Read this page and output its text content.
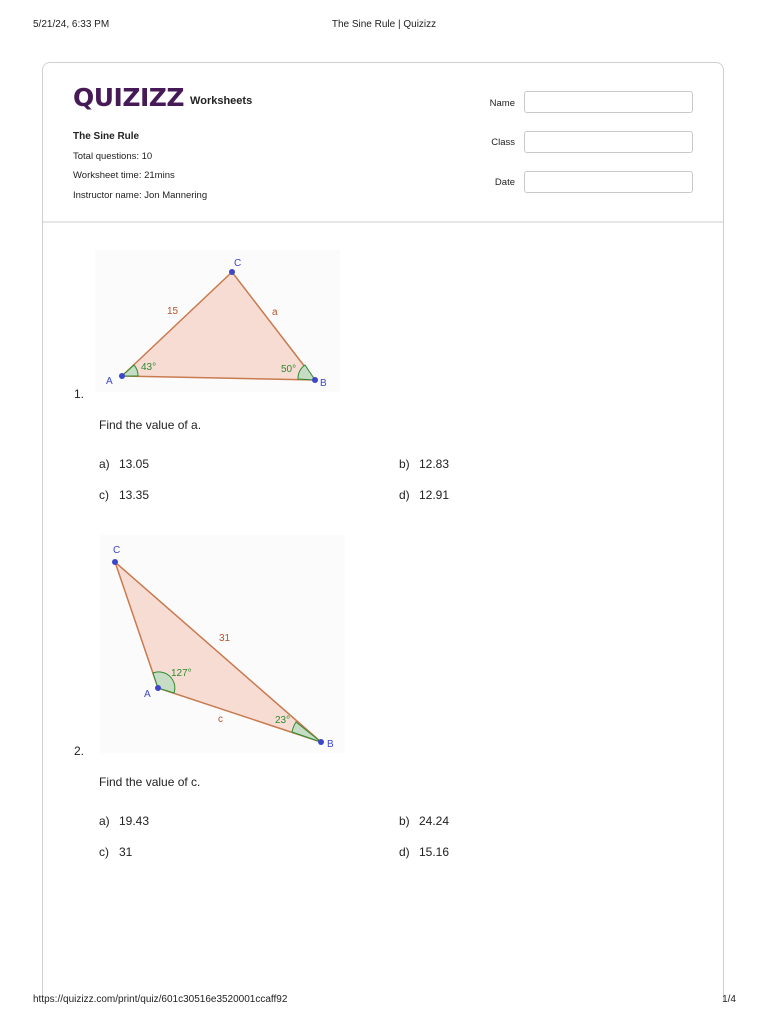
5/21/24, 6:33 PM	The Sine Rule | Quizizz
QUIZIZZ Worksheets
The Sine Rule
Total questions: 10
Worksheet time: 21mins
Instructor name: Jon Mannering
Name
Class
Date
A
C
B
15	a
43°	50°
1.
Find the value of a.
a) 13.05	b) 12.83
c) 13.35	d) 12.91
C
A
B
31
c
127°
23°
2.
Find the value of c.
a) 19.43	b) 24.24
c) 31	d) 15.16
https://quizizz.com/print/quiz/601c30516e3520001ccaff92	1/4
